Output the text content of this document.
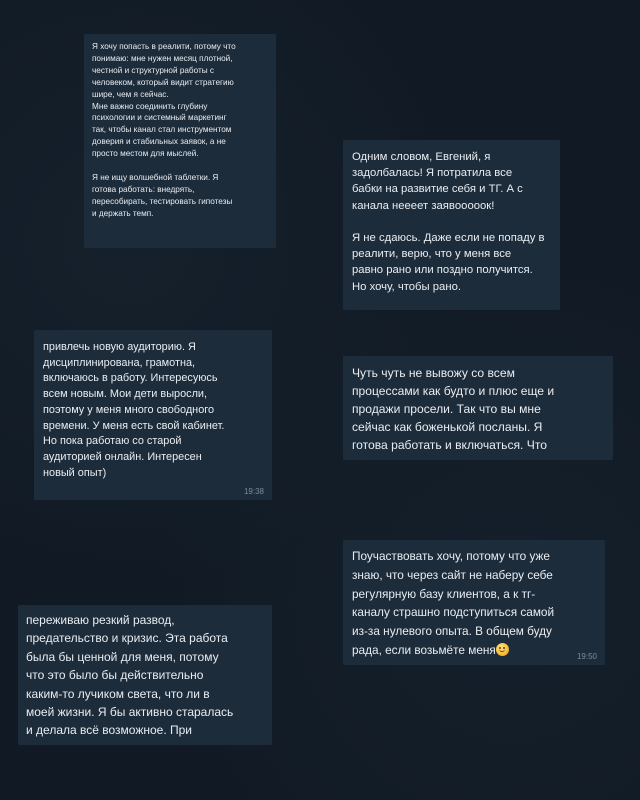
Я хочу попасть в реалити, потому что
понимаю: мне нужен месяц плотной,
честной и структурной работы с
человеком, который видит стратегию
шире, чем я сейчас.
Мне важно соединить глубину
психологии и системный маркетинг
так, чтобы канал стал инструментом
доверия и стабильных заявок, а не
просто местом для мыслей.

Я не ищу волшебной таблетки. Я
готова работать: внедрять,
пересобирать, тестировать гипотезы
и держать темп.

Одним словом, Евгений, я
задолбалась! Я потратила все
бабки на развитие себя и ТГ. А с
канала нееeет заявooooок!

Я не сдаюсь. Даже если не попаду в
реалити, верю, что у меня все
равно рано или поздно получится.
Но хочу, чтобы рано.

привлечь новую аудиторию. Я
дисциплинирована, грамотна,
включаюсь в работу. Интересуюсь
всем новым. Мои дети выросли,
поэтому у меня много свободного
времени. У меня есть свой кабинет.
Но пока работаю со старой
аудиторией онлайн. Интересен
новый опыт)

19:38

Чуть чуть не вывожу со всем
процессами как будто и плюс еще и
продажи просели. Так что вы мне
сейчас как боженькой посланы. Я
готова работать и включаться. Что

Поучаствовать хочу, потому что уже
знаю, что через сайт не наберу себе
регулярную базу клиентов, а к тг-
каналу страшно подступиться самой
из-за нулевого опыта. В общем буду
рада, если возьмёте меня	19:50

переживаю резкий развод,
предательство и кризис. Эта работа
была бы ценной для меня, потому
что это было бы действительно
каким-то лучиком света, что ли в
моей жизни. Я бы активно старалась
и делала всё возможное. При
